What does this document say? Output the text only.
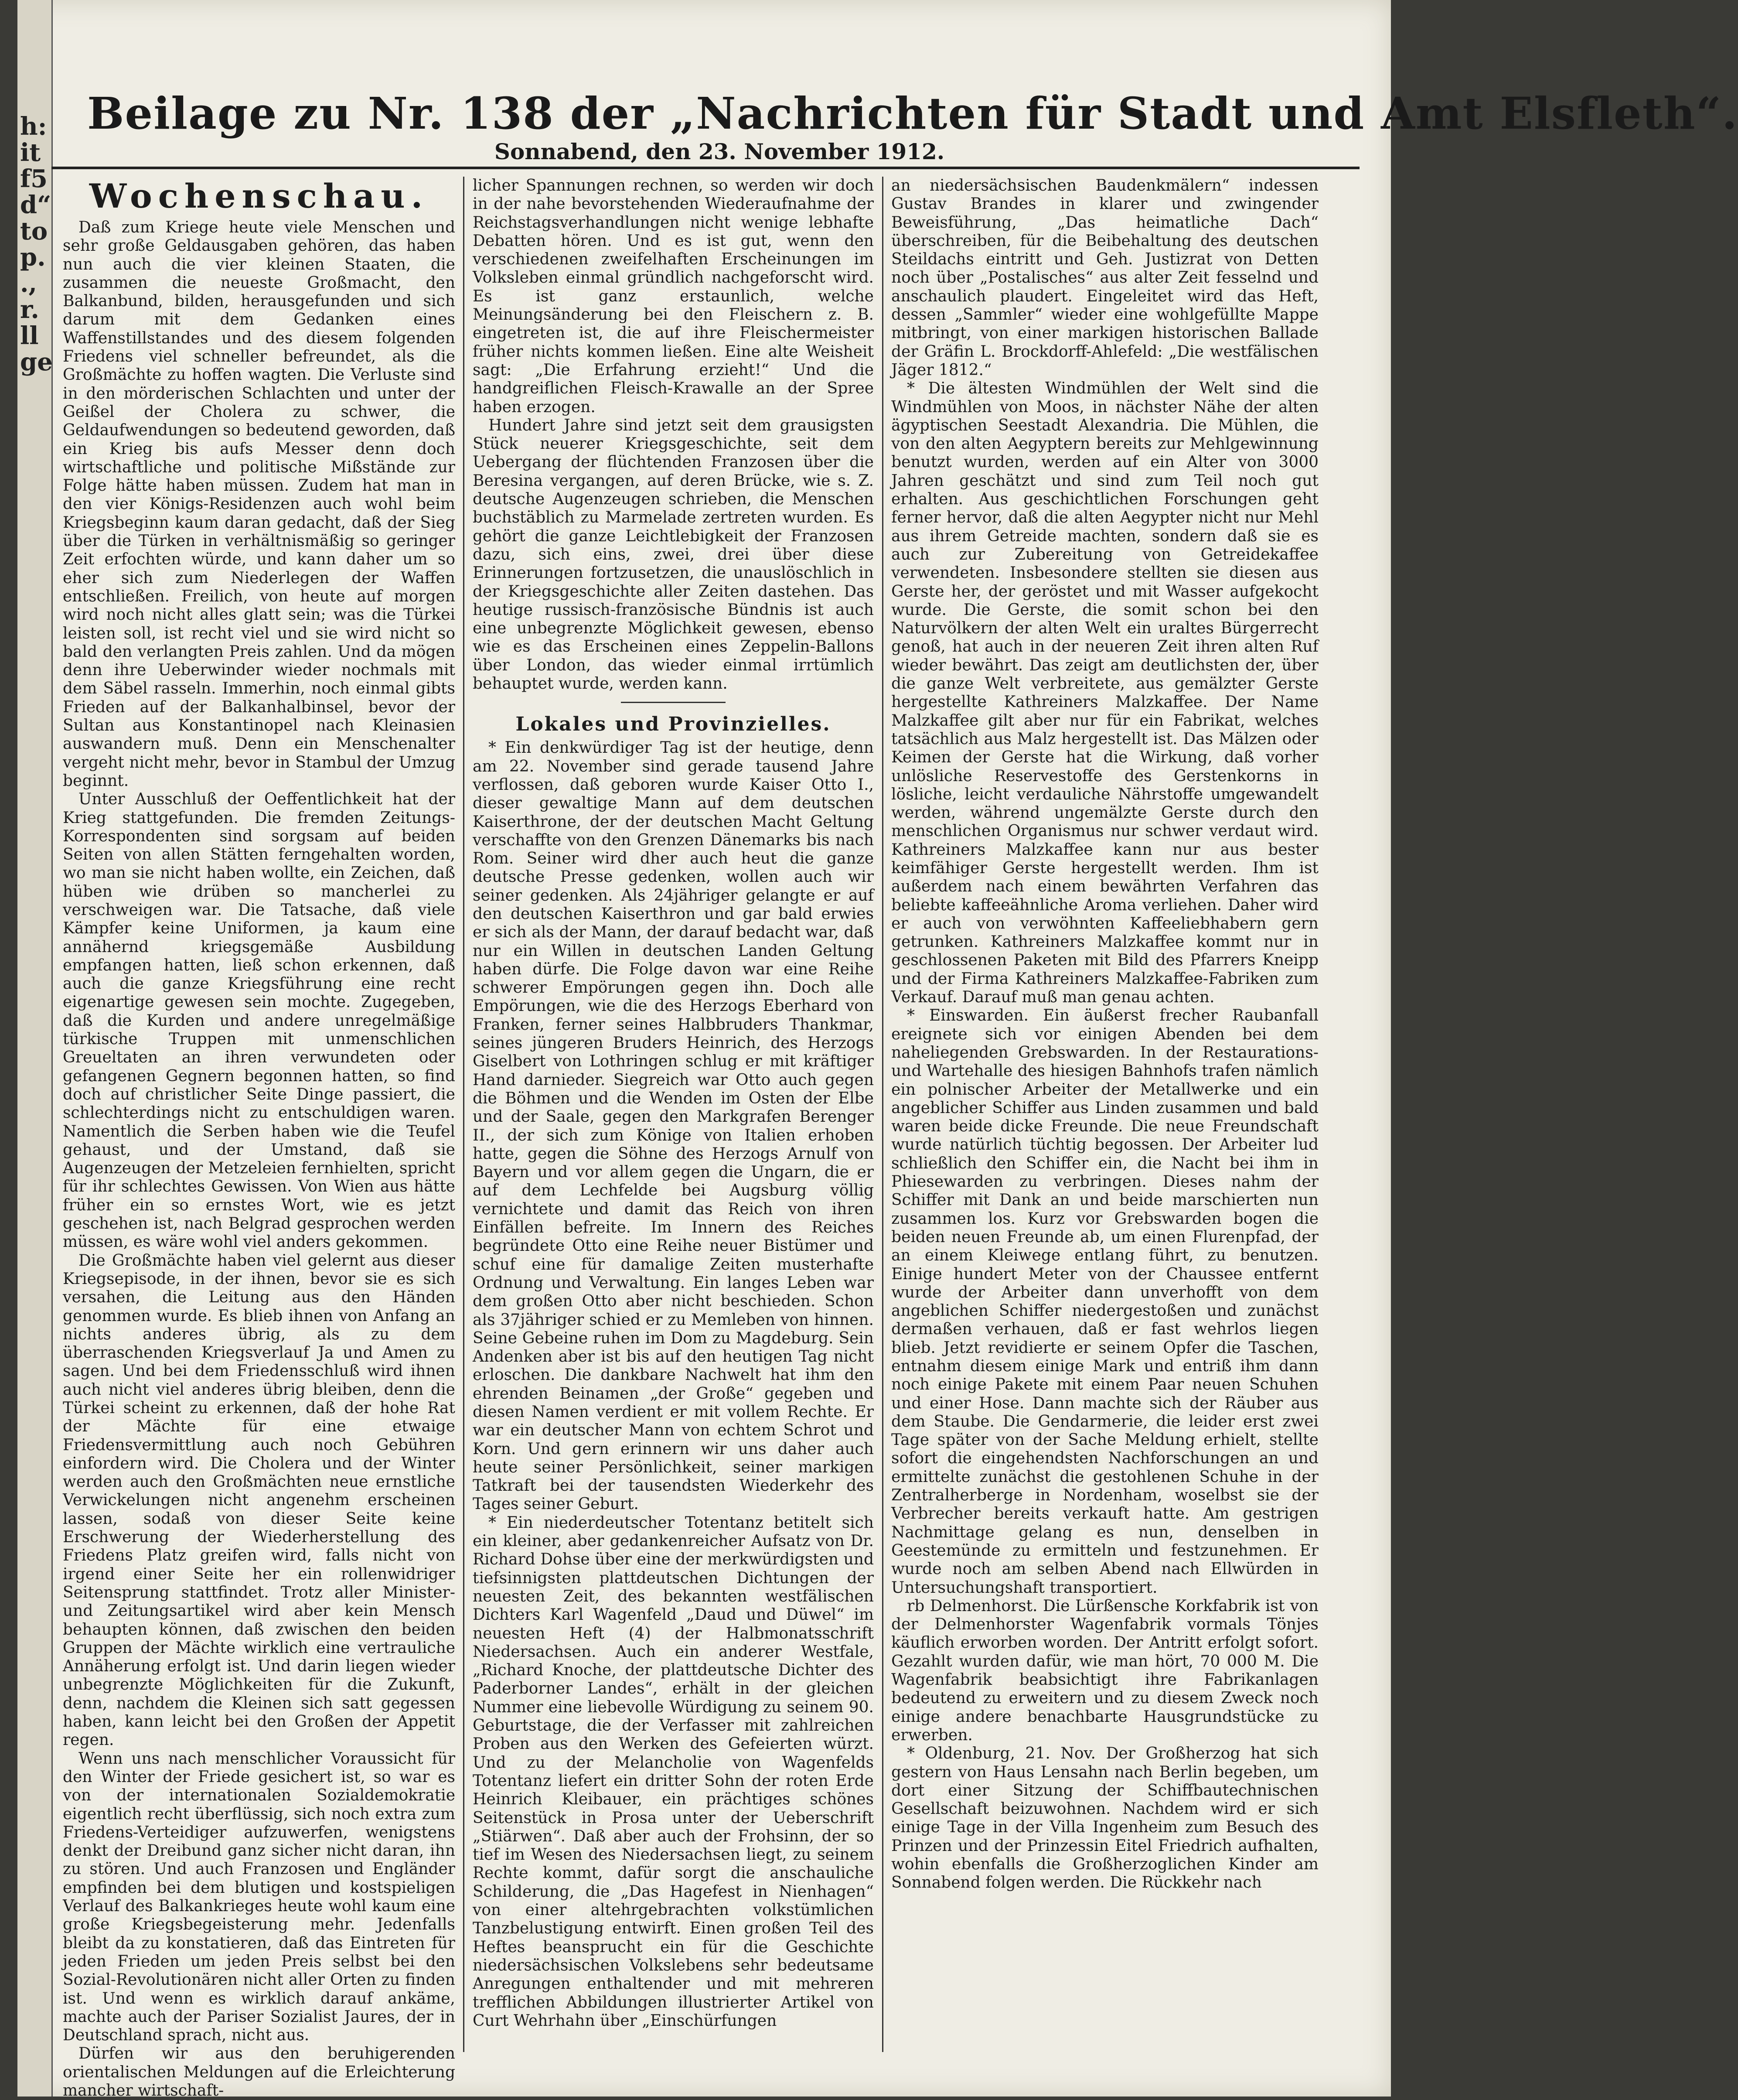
h: it f5 d“ to p. ., r. ll ge
Beilage zu Nr. 138 der „Nachrichten für Stadt und Amt Elsfleth“.
Sonnabend, den 23. November 1912.
Wochenschau.

Daß zum Kriege heute viele Menschen und sehr große Geldausgaben gehören, das haben nun auch die vier kleinen Staaten, die zusammen die neueste Großmacht, den Balkanbund, bilden, herausgefunden und sich darum mit dem Gedanken eines Waffenstillstandes und des diesem folgenden Friedens viel schneller befreundet, als die Großmächte zu hoffen wagten. Die Verluste sind in den mörderischen Schlachten und unter der Geißel der Cholera zu schwer, die Geldaufwendungen so bedeutend geworden, daß ein Krieg bis aufs Messer denn doch wirtschaftliche und politische Mißstände zur Folge hätte haben müssen. Zudem hat man in den vier Königs-Residenzen auch wohl beim Kriegsbeginn kaum daran gedacht, daß der Sieg über die Türken in verhältnismäßig so geringer Zeit erfochten würde, und kann daher um so eher sich zum Niederlegen der Waffen entschließen. Freilich, von heute auf morgen wird noch nicht alles glatt sein; was die Türkei leisten soll, ist recht viel und sie wird nicht so bald den verlangten Preis zahlen. Und da mögen denn ihre Ueberwinder wieder nochmals mit dem Säbel rasseln. Immerhin, noch einmal gibts Frieden auf der Balkanhalbinsel, bevor der Sultan aus Konstantinopel nach Kleinasien auswandern muß. Denn ein Menschenalter vergeht nicht mehr, bevor in Stambul der Umzug beginnt.

Unter Ausschluß der Oeffentlichkeit hat der Krieg stattgefunden. Die fremden Zeitungs-Korrespondenten sind sorgsam auf beiden Seiten von allen Stätten ferngehalten worden, wo man sie nicht haben wollte, ein Zeichen, daß hüben wie drüben so mancherlei zu verschweigen war. Die Tatsache, daß viele Kämpfer keine Uniformen, ja kaum eine annähernd kriegsgemäße Ausbildung empfangen hatten, ließ schon erkennen, daß auch die ganze Kriegsführung eine recht eigenartige gewesen sein mochte. Zugegeben, daß die Kurden und andere unregelmäßige türkische Truppen mit unmenschlichen Greueltaten an ihren verwundeten oder gefangenen Gegnern begonnen hatten, so find doch auf christlicher Seite Dinge passiert, die schlechterdings nicht zu entschuldigen waren. Namentlich die Serben haben wie die Teufel gehaust, und der Umstand, daß sie Augenzeugen der Metzeleien fernhielten, spricht für ihr schlechtes Gewissen. Von Wien aus hätte früher ein so ernstes Wort, wie es jetzt geschehen ist, nach Belgrad gesprochen werden müssen, es wäre wohl viel anders gekommen.

Die Großmächte haben viel gelernt aus dieser Kriegsepisode, in der ihnen, bevor sie es sich versahen, die Leitung aus den Händen genommen wurde. Es blieb ihnen von Anfang an nichts anderes übrig, als zu dem überraschenden Kriegsverlauf Ja und Amen zu sagen. Und bei dem Friedensschluß wird ihnen auch nicht viel anderes übrig bleiben, denn die Türkei scheint zu erkennen, daß der hohe Rat der Mächte für eine etwaige Friedensvermittlung auch noch Gebühren einfordern wird. Die Cholera und der Winter werden auch den Großmächten neue ernstliche Verwickelungen nicht angenehm erscheinen lassen, sodaß von dieser Seite keine Erschwerung der Wiederherstellung des Friedens Platz greifen wird, falls nicht von irgend einer Seite her ein rollenwidriger Seitensprung stattfindet. Trotz aller Minister- und Zeitungsartikel wird aber kein Mensch behaupten können, daß zwischen den beiden Gruppen der Mächte wirklich eine vertrauliche Annäherung erfolgt ist. Und darin liegen wieder unbegrenzte Möglichkeiten für die Zukunft, denn, nachdem die Kleinen sich satt gegessen haben, kann leicht bei den Großen der Appetit regen.

Wenn uns nach menschlicher Voraussicht für den Winter der Friede gesichert ist, so war es von der internationalen Sozialdemokratie eigentlich recht überflüssig, sich noch extra zum Friedens-Verteidiger aufzuwerfen, wenigstens denkt der Dreibund ganz sicher nicht daran, ihn zu stören. Und auch Franzosen und Engländer empfinden bei dem blutigen und kostspieligen Verlauf des Balkankrieges heute wohl kaum eine große Kriegsbegeisterung mehr. Jedenfalls bleibt da zu konstatieren, daß das Eintreten für jeden Frieden um jeden Preis selbst bei den Sozial-Revolutionären nicht aller Orten zu finden ist. Und wenn es wirklich darauf ankäme, machte auch der Pariser Sozialist Jaures, der in Deutschland sprach, nicht aus.

Dürfen wir aus den beruhigerenden orientalischen Meldungen auf die Erleichterung mancher wirtschaft-

licher Spannungen rechnen, so werden wir doch in der nahe bevorstehenden Wiederaufnahme der Reichstagsverhandlungen nicht wenige lebhafte Debatten hören. Und es ist gut, wenn den verschiedenen zweifelhaften Erscheinungen im Volksleben einmal gründlich nachgeforscht wird. Es ist ganz erstaunlich, welche Meinungsänderung bei den Fleischern z. B. eingetreten ist, die auf ihre Fleischermeister früher nichts kommen ließen. Eine alte Weisheit sagt: „Die Erfahrung erzieht!“ Und die handgreiflichen Fleisch-Krawalle an der Spree haben erzogen.

Hundert Jahre sind jetzt seit dem grausigsten Stück neuerer Kriegsgeschichte, seit dem Uebergang der flüchtenden Franzosen über die Beresina vergangen, auf deren Brücke, wie s. Z. deutsche Augenzeugen schrieben, die Menschen buchstäblich zu Marmelade zertreten wurden. Es gehört die ganze Leichtlebigkeit der Franzosen dazu, sich eins, zwei, drei über diese Erinnerungen fortzusetzen, die unauslöschlich in der Kriegsgeschichte aller Zeiten dastehen. Das heutige russisch-französische Bündnis ist auch eine unbegrenzte Möglichkeit gewesen, ebenso wie es das Erscheinen eines Zeppelin-Ballons über London, das wieder einmal irrtümlich behauptet wurde, werden kann.

Lokales und Provinzielles.

* Ein denkwürdiger Tag ist der heutige, denn am 22. November sind gerade tausend Jahre verflossen, daß geboren wurde Kaiser Otto I., dieser gewaltige Mann auf dem deutschen Kaiserthrone, der der deutschen Macht Geltung verschaffte von den Grenzen Dänemarks bis nach Rom. Seiner wird dher auch heut die ganze deutsche Presse gedenken, wollen auch wir seiner gedenken. Als 24jähriger gelangte er auf den deutschen Kaiserthron und gar bald erwies er sich als der Mann, der darauf bedacht war, daß nur ein Willen in deutschen Landen Geltung haben dürfe. Die Folge davon war eine Reihe schwerer Empörungen gegen ihn. Doch alle Empörungen, wie die des Herzogs Eberhard von Franken, ferner seines Halbbruders Thankmar, seines jüngeren Bruders Heinrich, des Herzogs Giselbert von Lothringen schlug er mit kräftiger Hand darnieder. Siegreich war Otto auch gegen die Böhmen und die Wenden im Osten der Elbe und der Saale, gegen den Markgrafen Berenger II., der sich zum Könige von Italien erhoben hatte, gegen die Söhne des Herzogs Arnulf von Bayern und vor allem gegen die Ungarn, die er auf dem Lechfelde bei Augsburg völlig vernichtete und damit das Reich von ihren Einfällen befreite. Im Innern des Reiches begründete Otto eine Reihe neuer Bistümer und schuf eine für damalige Zeiten musterhafte Ordnung und Verwaltung. Ein langes Leben war dem großen Otto aber nicht beschieden. Schon als 37jähriger schied er zu Memleben von hinnen. Seine Gebeine ruhen im Dom zu Magdeburg. Sein Andenken aber ist bis auf den heutigen Tag nicht erloschen. Die dankbare Nachwelt hat ihm den ehrenden Beinamen „der Große“ gegeben und diesen Namen verdient er mit vollem Rechte. Er war ein deutscher Mann von echtem Schrot und Korn. Und gern erinnern wir uns daher auch heute seiner Persönlichkeit, seiner markigen Tatkraft bei der tausendsten Wiederkehr des Tages seiner Geburt.

* Ein niederdeutscher Totentanz betitelt sich ein kleiner, aber gedankenreicher Aufsatz von Dr. Richard Dohse über eine der merkwürdigsten und tiefsinnigsten plattdeutschen Dichtungen der neuesten Zeit, des bekannten westfälischen Dichters Karl Wagenfeld „Daud und Düwel“ im neuesten Heft (4) der Halbmonatsschrift Niedersachsen. Auch ein anderer Westfale, „Richard Knoche, der plattdeutsche Dichter des Paderborner Landes“, erhält in der gleichen Nummer eine liebevolle Würdigung zu seinem 90. Geburtstage, die der Verfasser mit zahlreichen Proben aus den Werken des Gefeierten würzt. Und zu der Melancholie von Wagenfelds Totentanz liefert ein dritter Sohn der roten Erde Heinrich Kleibauer, ein prächtiges schönes Seitenstück in Prosa unter der Ueberschrift „Stiärwen“. Daß aber auch der Frohsinn, der so tief im Wesen des Niedersachsen liegt, zu seinem Rechte kommt, dafür sorgt die anschauliche Schilderung, die „Das Hagefest in Nienhagen“ von einer altehrgebrachten volkstümlichen Tanzbelustigung entwirft. Einen großen Teil des Heftes beansprucht ein für die Geschichte niedersächsischen Volkslebens sehr bedeutsame Anregungen enthaltender und mit mehreren trefflichen Abbildungen illustrierter Artikel von Curt Wehrhahn über „Einschürfungen

an niedersächsischen Baudenkmälern“ indessen Gustav Brandes in klarer und zwingender Beweisführung, „Das heimatliche Dach“ überschreiben, für die Beibehaltung des deutschen Steildachs eintritt und Geh. Justizrat von Detten noch über „Postalisches“ aus alter Zeit fesselnd und anschaulich plaudert. Eingeleitet wird das Heft, dessen „Sammler“ wieder eine wohlgefüllte Mappe mitbringt, von einer markigen historischen Ballade der Gräfin L. Brockdorff-Ahlefeld: „Die westfälischen Jäger 1812.“

* Die ältesten Windmühlen der Welt sind die Windmühlen von Moos, in nächster Nähe der alten ägyptischen Seestadt Alexandria. Die Mühlen, die von den alten Aegyptern bereits zur Mehlgewinnung benutzt wurden, werden auf ein Alter von 3000 Jahren geschätzt und sind zum Teil noch gut erhalten. Aus geschichtlichen Forschungen geht ferner hervor, daß die alten Aegypter nicht nur Mehl aus ihrem Getreide machten, sondern daß sie es auch zur Zubereitung von Getreidekaffee verwendeten. Insbesondere stellten sie diesen aus Gerste her, der geröstet und mit Wasser aufgekocht wurde. Die Gerste, die somit schon bei den Naturvölkern der alten Welt ein uraltes Bürgerrecht genoß, hat auch in der neueren Zeit ihren alten Ruf wieder bewährt. Das zeigt am deutlichsten der, über die ganze Welt verbreitete, aus gemälzter Gerste hergestellte Kathreiners Malzkaffee. Der Name Malzkaffee gilt aber nur für ein Fabrikat, welches tatsächlich aus Malz hergestellt ist. Das Mälzen oder Keimen der Gerste hat die Wirkung, daß vorher unlösliche Reservestoffe des Gerstenkorns in lösliche, leicht verdauliche Nährstoffe umgewandelt werden, während ungemälzte Gerste durch den menschlichen Organismus nur schwer verdaut wird. Kathreiners Malzkaffee kann nur aus bester keimfähiger Gerste hergestellt werden. Ihm ist außerdem nach einem bewährten Verfahren das beliebte kaffeeähnliche Aroma verliehen. Daher wird er auch von verwöhnten Kaffeeliebhabern gern getrunken. Kathreiners Malzkaffee kommt nur in geschlossenen Paketen mit Bild des Pfarrers Kneipp und der Firma Kathreiners Malzkaffee-Fabriken zum Verkauf. Darauf muß man genau achten.

* Einswarden. Ein äußerst frecher Raubanfall ereignete sich vor einigen Abenden bei dem naheliegenden Grebswarden. In der Restaurations- und Wartehalle des hiesigen Bahnhofs trafen nämlich ein polnischer Arbeiter der Metallwerke und ein angeblicher Schiffer aus Linden zusammen und bald waren beide dicke Freunde. Die neue Freundschaft wurde natürlich tüchtig begossen. Der Arbeiter lud schließlich den Schiffer ein, die Nacht bei ihm in Phiesewarden zu verbringen. Dieses nahm der Schiffer mit Dank an und beide marschierten nun zusammen los. Kurz vor Grebswarden bogen die beiden neuen Freunde ab, um einen Flurenpfad, der an einem Kleiwege entlang führt, zu benutzen. Einige hundert Meter von der Chaussee entfernt wurde der Arbeiter dann unverhofft von dem angeblichen Schiffer niedergestoßen und zunächst dermaßen verhauen, daß er fast wehrlos liegen blieb. Jetzt revidierte er seinem Opfer die Taschen, entnahm diesem einige Mark und entriß ihm dann noch einige Pakete mit einem Paar neuen Schuhen und einer Hose. Dann machte sich der Räuber aus dem Staube. Die Gendarmerie, die leider erst zwei Tage später von der Sache Meldung erhielt, stellte sofort die eingehendsten Nachforschungen an und ermittelte zunächst die gestohlenen Schuhe in der Zentralherberge in Nordenham, woselbst sie der Verbrecher bereits verkauft hatte. Am gestrigen Nachmittage gelang es nun, denselben in Geestemünde zu ermitteln und festzunehmen. Er wurde noch am selben Abend nach Ellwürden in Untersuchungshaft transportiert.

rb Delmenhorst. Die Lürßensche Korkfabrik ist von der Delmenhorster Wagenfabrik vormals Tönjes käuflich erworben worden. Der Antritt erfolgt sofort. Gezahlt wurden dafür, wie man hört, 70 000 M. Die Wagenfabrik beabsichtigt ihre Fabrikanlagen bedeutend zu erweitern und zu diesem Zweck noch einige andere benachbarte Hausgrundstücke zu erwerben.

* Oldenburg, 21. Nov. Der Großherzog hat sich gestern von Haus Lensahn nach Berlin begeben, um dort einer Sitzung der Schiffbautechnischen Gesellschaft beizuwohnen. Nachdem wird er sich einige Tage in der Villa Ingenheim zum Besuch des Prinzen und der Prinzessin Eitel Friedrich aufhalten, wohin ebenfalls die Großherzoglichen Kinder am Sonnabend folgen werden. Die Rückkehr nach
